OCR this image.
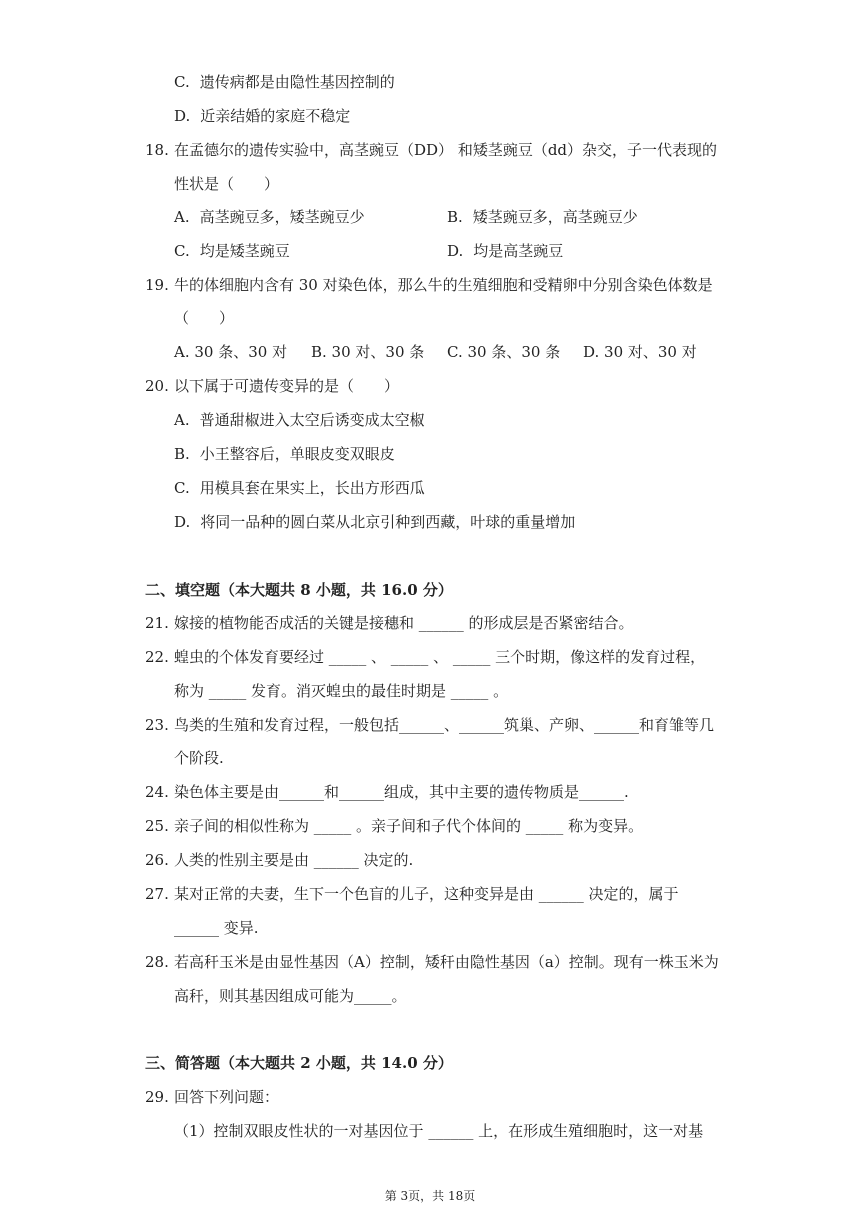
C. 遗传病都是由隐性基因控制的
D. 近亲结婚的家庭不稳定
18. 在孟德尔的遗传实验中，高茎豌豆（DD） 和矮茎豌豆（dd）杂交，子一代表现的
性状是（　　）
A. 高茎豌豆多，矮茎豌豆少	B. 矮茎豌豆多，高茎豌豆少
C. 均是矮茎豌豆	D. 均是高茎豌豆
19. 牛的体细胞内含有 30 对染色体，那么牛的生殖细胞和受精卵中分别含染色体数是
（　　）
A. 30 条、30 对 B. 30 对、30 条 C. 30 条、30 条 D. 30 对、30 对
20. 以下属于可遗传变异的是（　　）
A. 普通甜椒进入太空后诱变成太空椒
B. 小王整容后，单眼皮变双眼皮
C. 用模具套在果实上，长出方形西瓜
D. 将同一品种的圆白菜从北京引种到西藏，叶球的重量增加
二、填空题（本大题共 8 小题，共 16.0 分）
21. 嫁接的植物能否成活的关键是接穗和 ______ 的形成层是否紧密结合。
22. 蝗虫的个体发育要经过 _____ 、 _____ 、 _____ 三个时期，像这样的发育过程，
称为 _____ 发育。消灭蝗虫的最佳时期是 _____ 。
23. 鸟类的生殖和发育过程，一般包括______、______筑巢、产卵、______和育雏等几
个阶段.
24. 染色体主要是由______和______组成，其中主要的遗传物质是______.
25. 亲子间的相似性称为 _____ 。亲子间和子代个体间的 _____ 称为变异。
26. 人类的性别主要是由 ______ 决定的.
27. 某对正常的夫妻，生下一个色盲的儿子，这种变异是由 ______ 决定的，属于
______ 变异.
28. 若高秆玉米是由显性基因（A）控制，矮秆由隐性基因（a）控制。现有一株玉米为
高秆，则其基因组成可能为_____。
三、简答题（本大题共 2 小题，共 14.0 分）
29. 回答下列问题：
（1）控制双眼皮性状的一对基因位于 ______ 上，在形成生殖细胞时，这一对基
第 3页，共 18页
